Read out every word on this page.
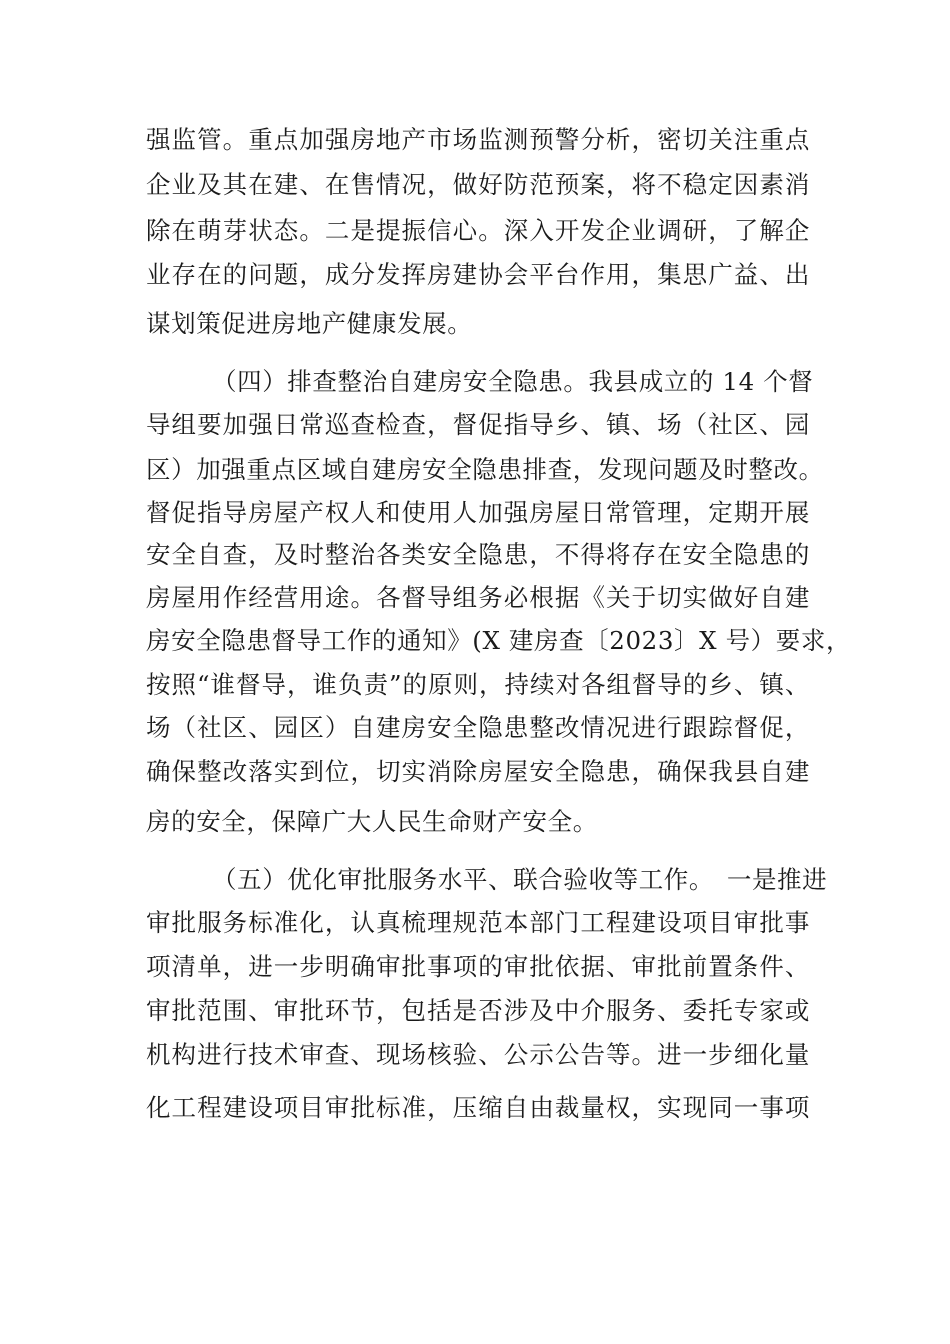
强监管。重点加强房地产市场监测预警分析，密切关注重点
企业及其在建、在售情况，做好防范预案，将不稳定因素消
除在萌芽状态。二是提振信心。深入开发企业调研，了解企
业存在的问题，成分发挥房建协会平台作用，集思广益、出
谋划策促进房地产健康发展。
（四）排查整治自建房安全隐患。我县成立的 14 个督
导组要加强日常巡查检查，督促指导乡、镇、场（社区、园
区）加强重点区域自建房安全隐患排查，发现问题及时整改。
督促指导房屋产权人和使用人加强房屋日常管理，定期开展
安全自查，及时整治各类安全隐患，不得将存在安全隐患的
房屋用作经营用途。各督导组务必根据《关于切实做好自建
房安全隐患督导工作的通知》(X 建房查〔2023〕X 号）要求，
按照“谁督导，谁负责”的原则，持续对各组督导的乡、镇、
场（社区、园区）自建房安全隐患整改情况进行跟踪督促，
确保整改落实到位，切实消除房屋安全隐患，确保我县自建
房的安全，保障广大人民生命财产安全。
（五）优化审批服务水平、联合验收等工作。　一是推进
审批服务标准化，认真梳理规范本部门工程建设项目审批事
项清单，进一步明确审批事项的审批依据、审批前置条件、
审批范围、审批环节，包括是否涉及中介服务、委托专家或
机构进行技术审查、现场核验、公示公告等。进一步细化量
化工程建设项目审批标准，压缩自由裁量权，实现同一事项
